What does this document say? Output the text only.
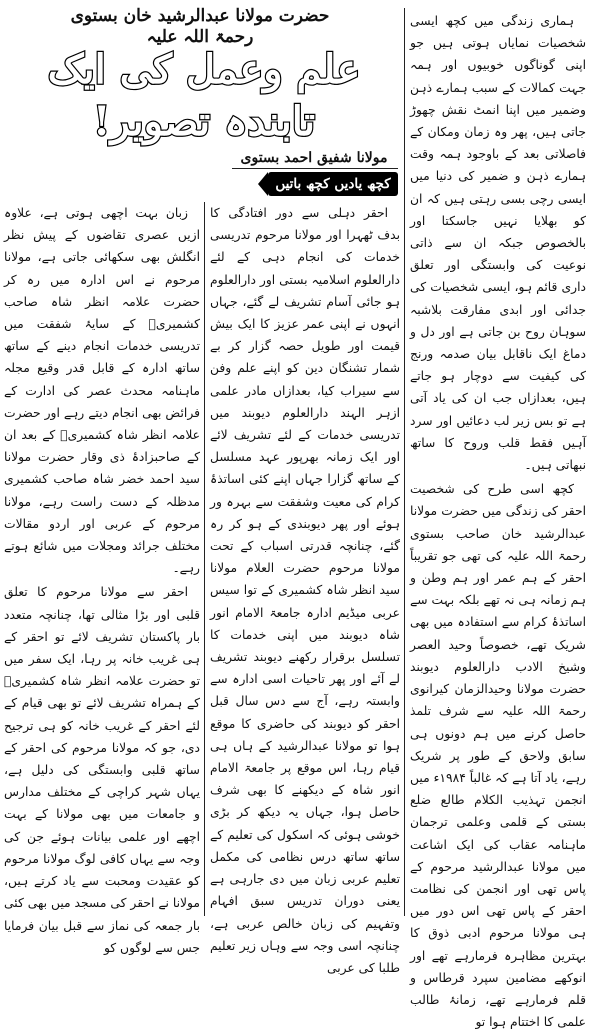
حضرت مولانا عبدالرشید خان بستوی رحمۃ اللہ علیہ
علم وعمل کی ایک تابندہ تصویر!
مولانا شفیق احمد بستوی
کچھ یادیں کچھ باتیں

ہماری زندگی میں کچھ ایسی شخصیات نمایاں ہوتی ہیں جو اپنی گوناگوں خوبیوں اور ہمہ جہت کمالات کے سبب ہمارے ذہن وضمیر میں اپنا انمٹ نقش چھوڑ جاتی ہیں، پھر وہ زمان ومکان کے فاصلاتی بعد کے باوجود ہمہ وقت ہمارے ذہن و ضمیر کی دنیا میں ایسی رچی بسی رہتی ہیں کہ ان کو بھلایا نہیں جاسکتا اور بالخصوص جبکہ ان سے ذاتی نوعیت کی وابستگی اور تعلق داری قائم ہو، ایسی شخصیات کی جدائی اور ابدی مفارقت بلاشبہ سوہان روح بن جاتی ہے اور دل و دماغ ایک ناقابل بیان صدمہ ورنج کی کیفیت سے دوچار ہو جاتے ہیں، بعدازاں جب ان کی یاد آتی ہے تو بس زیر لب دعائیں اور سرد آہیں فقط قلب وروح کا ساتھ نبھاتی ہیں۔

کچھ اسی طرح کی شخصیت احقر کی زندگی میں حضرت مولانا عبدالرشید خان صاحب بستوی رحمۃ اللہ علیہ کی تھی جو تقریباً احقر کے ہم عمر اور ہم وطن و ہم زمانہ ہی نہ تھے بلکہ بہت سے اساتذۂ کرام سے استفادہ میں بھی شریک تھے، خصوصاً وحید العصر وشیخ الادب دارالعلوم دیوبند حضرت مولانا وحیدالزمان کیرانوی رحمۃ اللہ علیہ سے شرف تلمذ حاصل کرنے میں ہم دونوں ہی سابق ولاحق کے طور پر شریک رہے، یاد آتا ہے کہ غالباً ۱۹۸۴ء میں انجمن تہذیب الکلام طالع ضلع بستی کے قلمی وعلمی ترجمان ماہنامہ عقاب کی ایک اشاعت میں مولانا عبدالرشید مرحوم کے پاس تھی اور انجمن کی نظامت احقر کے پاس تھی اس دور میں ہی مولانا مرحوم ادبی ذوق کا بہترین مظاہرہ فرمارہے تھے اور انوکھے مضامین سپرد قرطاس و قلم فرمارہے تھے، زمانۂ طالب علمی کا اختتام ہوا تو

احقر دہلی سے دور افتادگی کا بدف ٹھہرا اور مولانا مرحوم تدریسی خدمات کی انجام دہی کے لئے دارالعلوم اسلامیہ بستی اور دارالعلوم ہو جائی آسام تشریف لے گئے، جہاں انہوں نے اپنی عمر عزیز کا ایک بیش قیمت اور طویل حصہ گزار کر بے شمار تشنگان دین کو اپنے علم وفن سے سیراب کیا، بعدازاں مادر علمی ازہر الہند دارالعلوم دیوبند میں تدریسی خدمات کے لئے تشریف لائے اور ایک زمانہ بھرپور عہد مسلسل کے ساتھ گزارا جہاں اپنے کئی اساتذۂ کرام کی معیت وشفقت سے بہرہ ور ہوئے اور پھر دیوبندی کے ہو کر رہ گئے، چنانچہ قدرتی اسباب کے تحت مولانا مرحوم حضرت العلام مولانا سید انظر شاہ کشمیری کے توا سیس عربی میڈیم ادارہ جامعۃ الامام انور شاہ دیوبند میں اپنی خدمات کا تسلسل برقرار رکھنے دیوبند تشریف لے آئے اور پھر تاحیات اسی ادارہ سے وابستہ رہے، آج سے دس سال قبل احقر کو دیوبند کی حاضری کا موقع ہوا تو مولانا عبدالرشید کے ہاں ہی قیام رہا، اس موقع پر جامعۃ الامام انور شاہ کے دیکھنے کا بھی شرف حاصل ہوا، جہاں یہ دیکھ کر بڑی خوشی ہوئی کہ اسکول کی تعلیم کے ساتھ ساتھ درس نظامی کی مکمل تعلیم عربی زبان میں دی جارہی ہے یعنی دوران تدریس سبق افہام وتفہیم کی زبان خالص عربی ہے، چنانچہ اسی وجہ سے وہاں زیر تعلیم طلبا کی عربی

زبان بہت اچھی ہوتی ہے، علاوہ ازیں عصری تقاضوں کے پیش نظر انگلش بھی سکھائی جاتی ہے، مولانا مرحوم نے اس ادارہ میں رہ کر حضرت علامہ انظر شاہ صاحب کشمیریؒ کے سایۂ شفقت میں تدریسی خدمات انجام دینے کے ساتھ ساتھ ادارہ کے قابل قدر وقیع مجلہ ماہنامہ محدث عصر کی ادارت کے فرائض بھی انجام دیتے رہے اور حضرت علامہ انظر شاہ کشمیریؒ کے بعد ان کے صاحبزادۂ ذی وقار حضرت مولانا سید احمد خضر شاہ صاحب کشمیری مدظلہ کے دست راست رہے، مولانا مرحوم کے عربی اور اردو مقالات مختلف جرائد ومجلات میں شائع ہوتے رہے۔

احقر سے مولانا مرحوم کا تعلق قلبی اور بڑا مثالی تھا، چنانچہ متعدد بار پاکستان تشریف لائے تو احقر کے ہی غریب خانہ پر رہا، ایک سفر میں تو حضرت علامہ انظر شاہ کشمیریؒ کے ہمراہ تشریف لائے تو بھی قیام کے لئے احقر کے غریب خانہ کو ہی ترجیح دی، جو کہ مولانا مرحوم کی احقر کے ساتھ قلبی وابستگی کی دلیل ہے، یہاں شہر کراچی کے مختلف مدارس و جامعات میں بھی مولانا کے بہت اچھے اور علمی بیانات ہوئے جن کی وجہ سے یہاں کافی لوگ مولانا مرحوم کو عقیدت ومحبت سے یاد کرتے ہیں، مولانا نے احقر کی مسجد میں بھی کئی بار جمعہ کی نماز سے قبل بیان فرمایا جس سے لوگوں کو
